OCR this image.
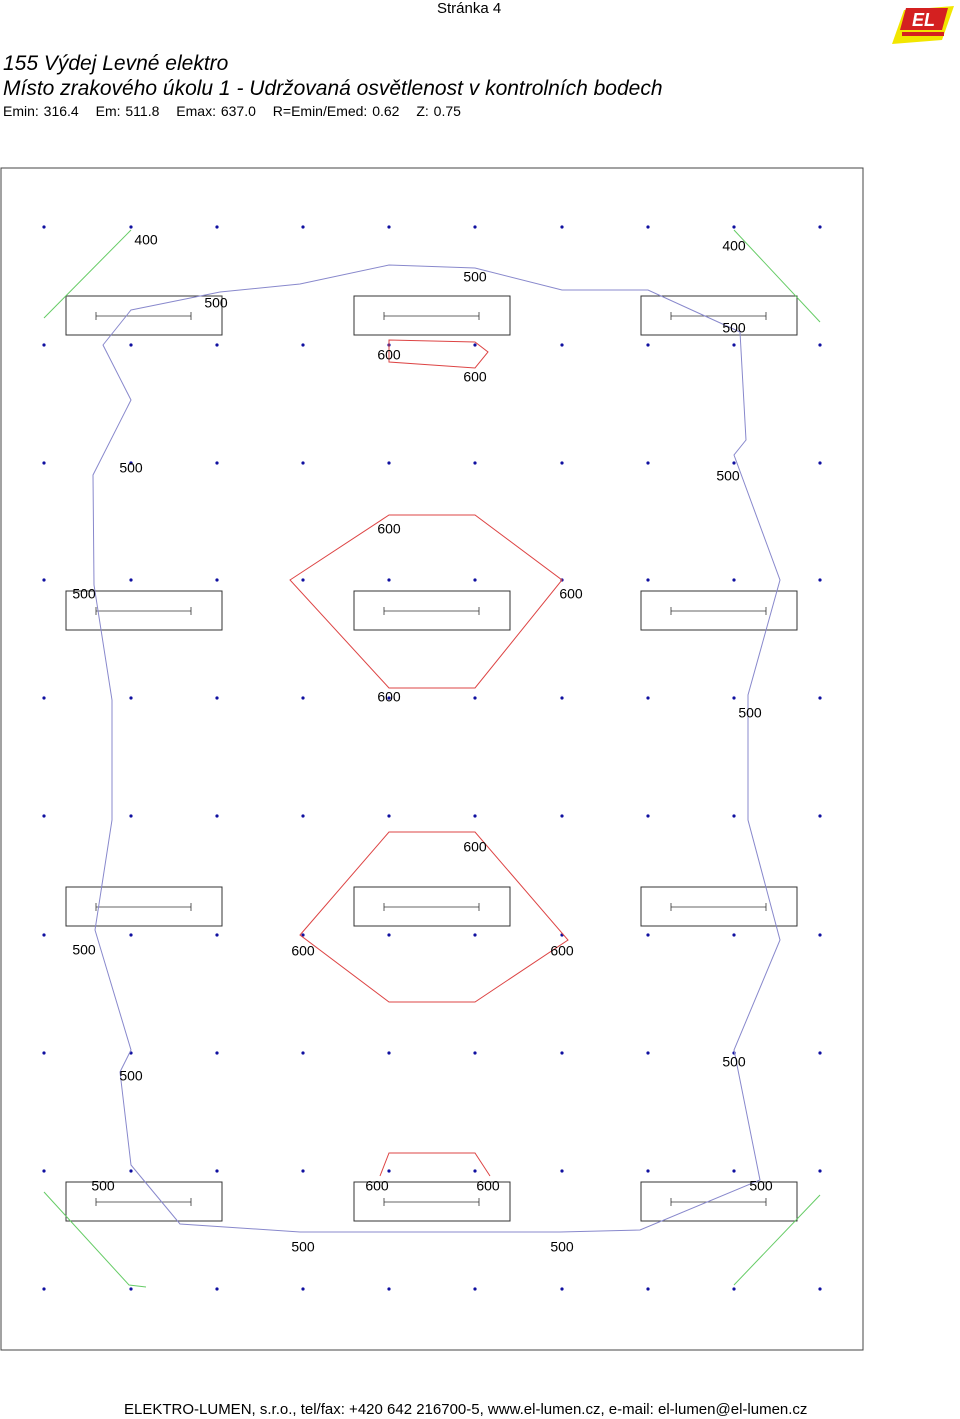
Stránka 4
EL
155 Výdej Levné elektro
Místo zrakového úkolu 1 - Udržovaná osvětlenost v kontrolních bodech
Emin: 316.4 Em: 511.8 Emax: 637.0 R=Emin/Emed: 0.62 Z: 0.75
400	400
500
500
500
600
600
500	500
600
500	600
600
500
600
500	600	600
500
500
500	600	600	500
500	500
ELEKTRO-LUMEN, s.r.o., tel/fax: +420 642 216700-5, www.el-lumen.cz, e-mail: el-lumen@el-lumen.cz
